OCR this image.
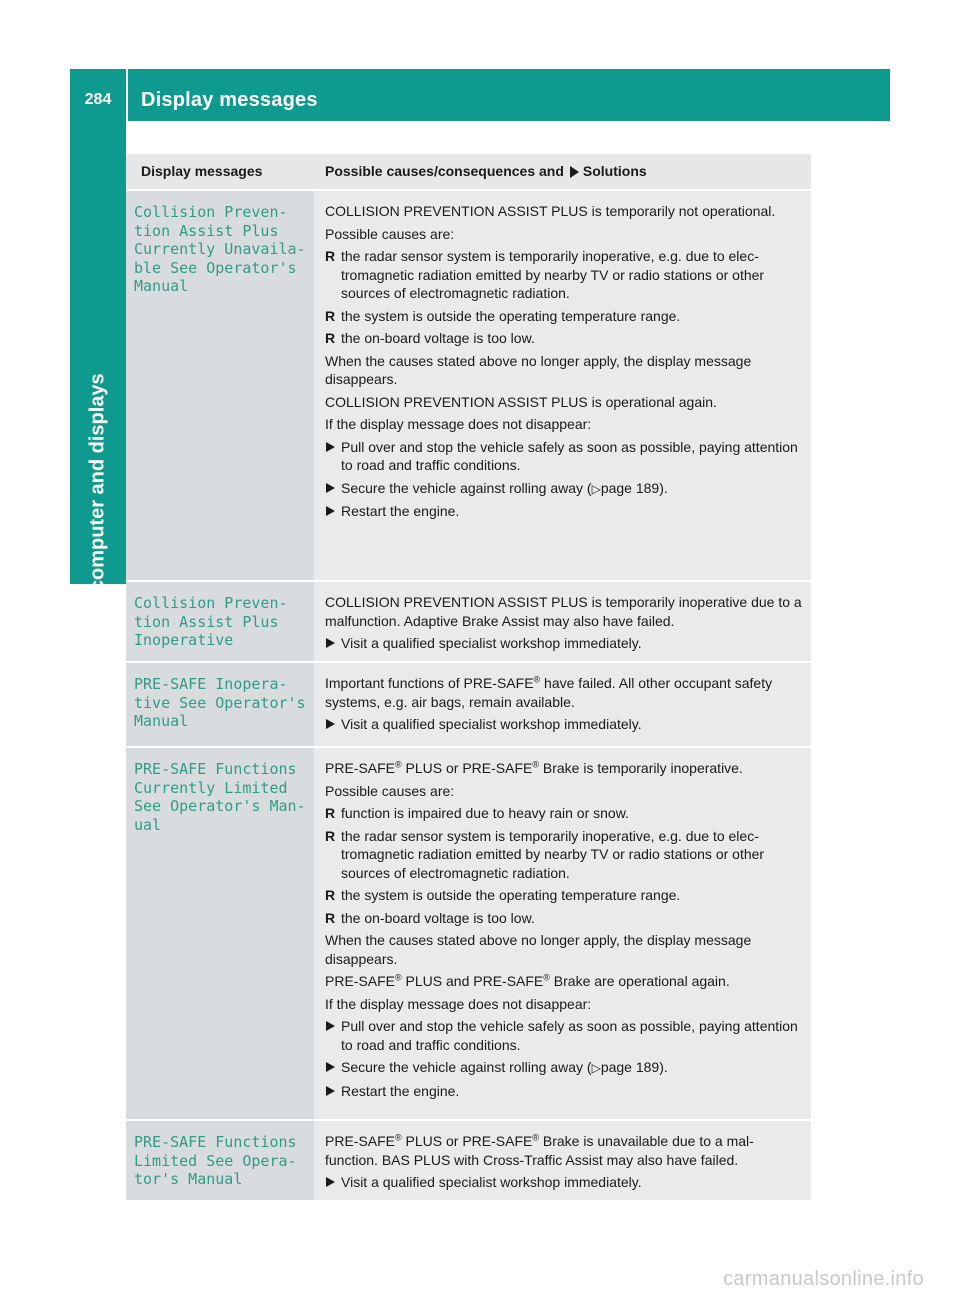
284	Display messages
On-board computer and displays
Display messages	Possible causes/consequences and Solutions
Collision Preven‐
tion Assist Plus
Currently Unavaila‐
ble See Operator's
Manual

COLLISION PREVENTION ASSIST PLUS is temporarily not operational.

Possible causes are:

R the radar sensor system is temporarily inoperative, e.g. due to elec-tromagnetic radiation emitted by nearby TV or radio stations or other sources of electromagnetic radiation.
R the system is outside the operating temperature range.
R the on-board voltage is too low.

When the causes stated above no longer apply, the display message disappears.

COLLISION PREVENTION ASSIST PLUS is operational again.

If the display message does not disappear:

Pull over and stop the vehicle safely as soon as possible, paying attention to road and traffic conditions.
Secure the vehicle against rolling away (▷page 189).
Restart the engine.
Collision Preven‐
tion Assist Plus
Inoperative

COLLISION PREVENTION ASSIST PLUS is temporarily inoperative due to a malfunction. Adaptive Brake Assist may also have failed.

Visit a qualified specialist workshop immediately.
PRE-SAFE Inopera‐
tive See Operator's
Manual

Important functions of PRE-SAFE® have failed. All other occupant safety systems, e.g. air bags, remain available.

Visit a qualified specialist workshop immediately.
PRE-SAFE Functions
Currently Limited
See Operator's Man‐
ual

PRE-SAFE® PLUS or PRE-SAFE® Brake is temporarily inoperative.

Possible causes are:

R function is impaired due to heavy rain or snow.
R the radar sensor system is temporarily inoperative, e.g. due to elec-tromagnetic radiation emitted by nearby TV or radio stations or other sources of electromagnetic radiation.
R the system is outside the operating temperature range.
R the on-board voltage is too low.

When the causes stated above no longer apply, the display message disappears.

PRE-SAFE® PLUS and PRE-SAFE® Brake are operational again.

If the display message does not disappear:

Pull over and stop the vehicle safely as soon as possible, paying attention to road and traffic conditions.
Secure the vehicle against rolling away (▷page 189).
Restart the engine.
PRE-SAFE Functions
Limited See Opera‐
tor's Manual

PRE-SAFE® PLUS or PRE-SAFE® Brake is unavailable due to a mal-function. BAS PLUS with Cross-Traffic Assist may also have failed.

Visit a qualified specialist workshop immediately.
carmanualsonline.info
